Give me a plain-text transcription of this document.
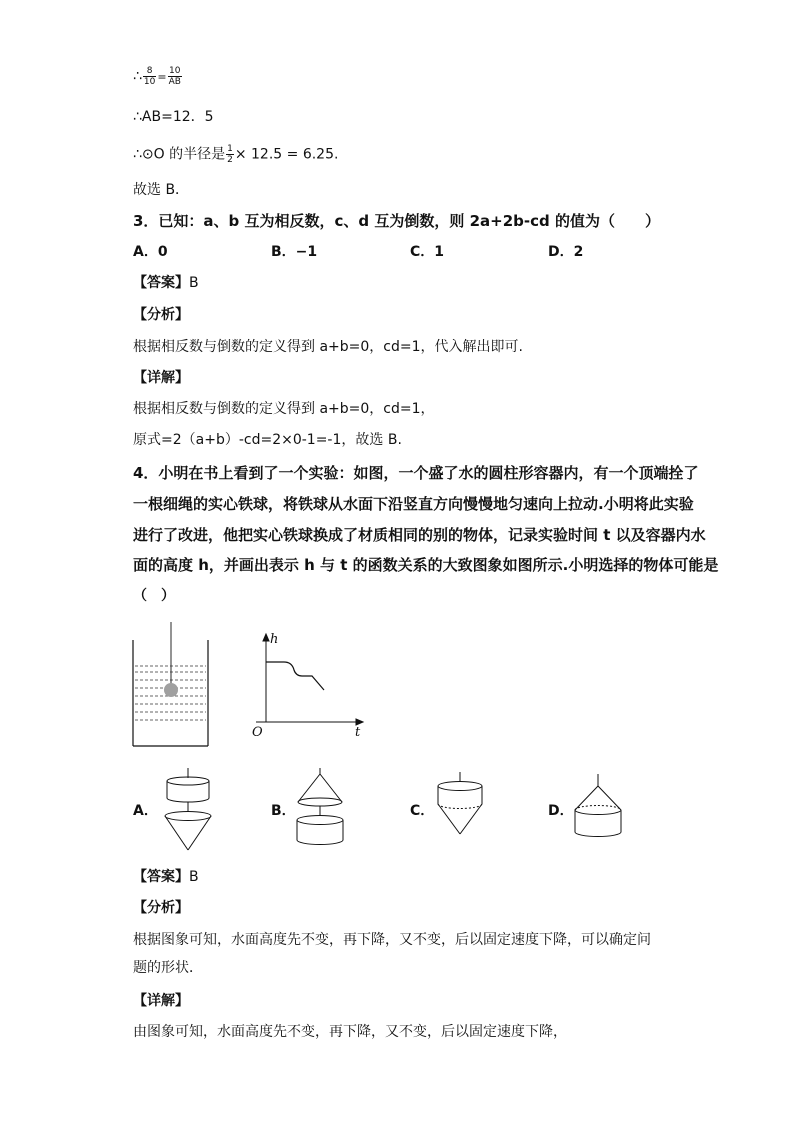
∴ $\frac{8}{10} = \frac{10}{AB}$
∴AB=12．5
∴⊙O 的半径是 $\frac{1}{2} \times 12.5 = 6.25$.
故选 B．
3．已知：a、b 互为相反数，c、d 互为倒数，则 2a+2b-cd 的值为（　　）
A．0	B．−1	C．1	D．2
【答案】B
【分析】
根据相反数与倒数的定义得到 a+b=0，cd=1，代入解出即可.
【详解】
根据相反数与倒数的定义得到 a+b=0，cd=1，
原式=2（a+b）-cd=2×0-1=-1，故选 B.
4．小明在书上看到了一个实验：如图，一个盛了水的圆柱形容器内，有一个顶端拴了
一根细绳的实心铁球，将铁球从水面下沿竖直方向慢慢地匀速向上拉动.小明将此实验
进行了改进，他把实心铁球换成了材质相同的别的物体，记录实验时间 t 以及容器内水
面的高度 h，并画出表示 h 与 t 的函数关系的大致图象如图所示.小明选择的物体可能是
（　）
h
t
O
A．	B．	C．	D．
【答案】B
【分析】
根据图象可知，水面高度先不变，再下降，又不变，后以固定速度下降，可以确定问题的形状．
【详解】
由图象可知，水面高度先不变，再下降，又不变，后以固定速度下降，
